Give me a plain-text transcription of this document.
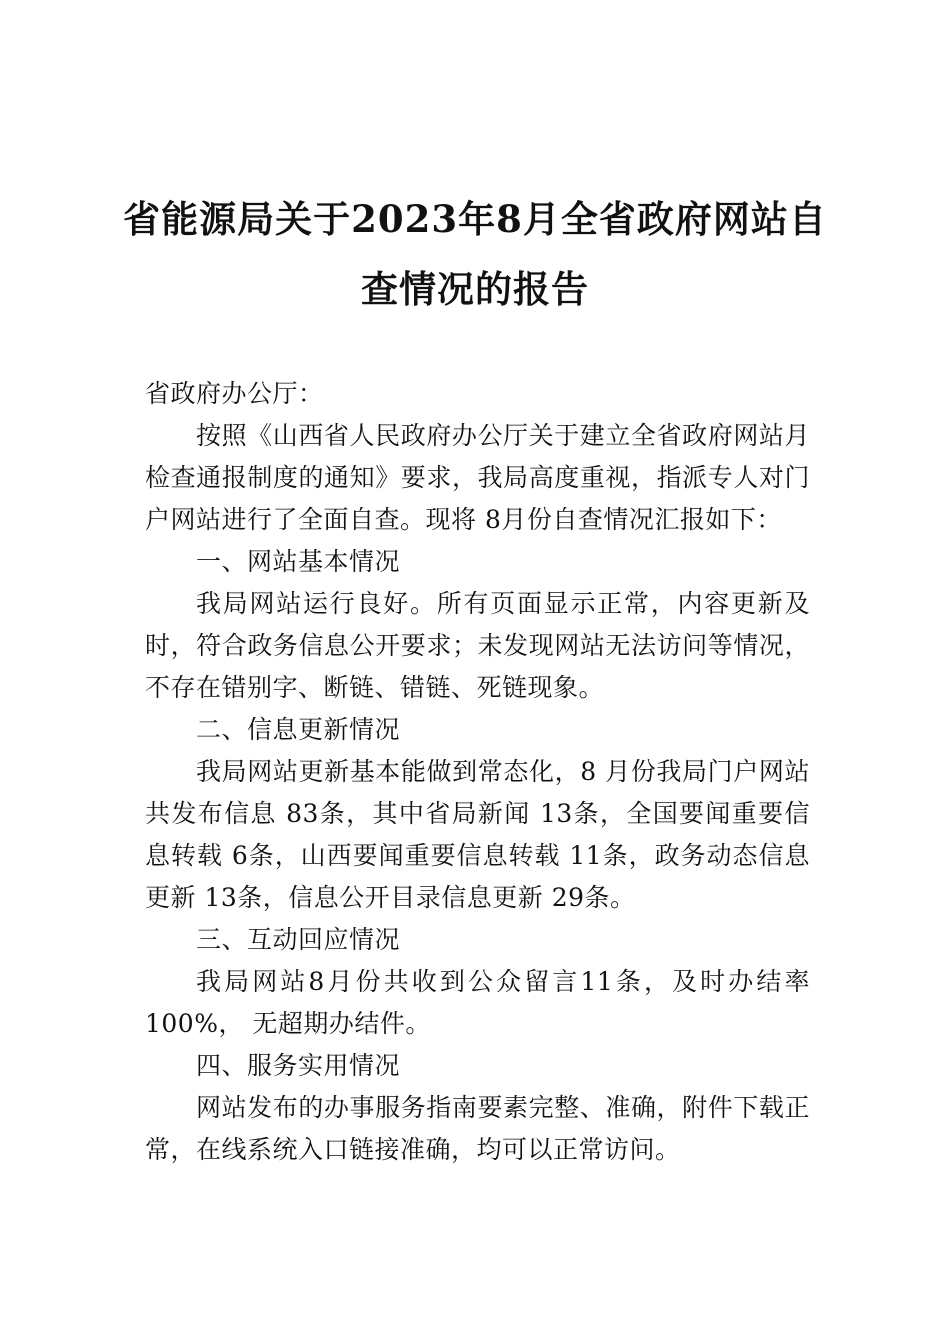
省能源局关于2023年8月全省政府网站自
查情况的报告

省政府办公厅：

按照《山西省人民政府办公厅关于建立全省政府网站月检查通报制度的通知》要求，我局高度重视，指派专人对门户网站进行了全面自查。现将 8月份自查情况汇报如下：

一、网站基本情况

我局网站运行良好。所有页面显示正常，内容更新及时，符合政务信息公开要求；未发现网站无法访问等情况，不存在错别字、断链、错链、死链现象。

二、信息更新情况

我局网站更新基本能做到常态化，8 月份我局门户网站共发布信息 83条，其中省局新闻 13条，全国要闻重要信息转载 6条，山西要闻重要信息转载 11条，政务动态信息更新 13条，信息公开目录信息更新 29条。

三、互动回应情况

我局网站8月份共收到公众留言11条，及时办结率100%， 无超期办结件。

四、服务实用情况

网站发布的办事服务指南要素完整、准确，附件下载正常，在线系统入口链接准确，均可以正常访问。
